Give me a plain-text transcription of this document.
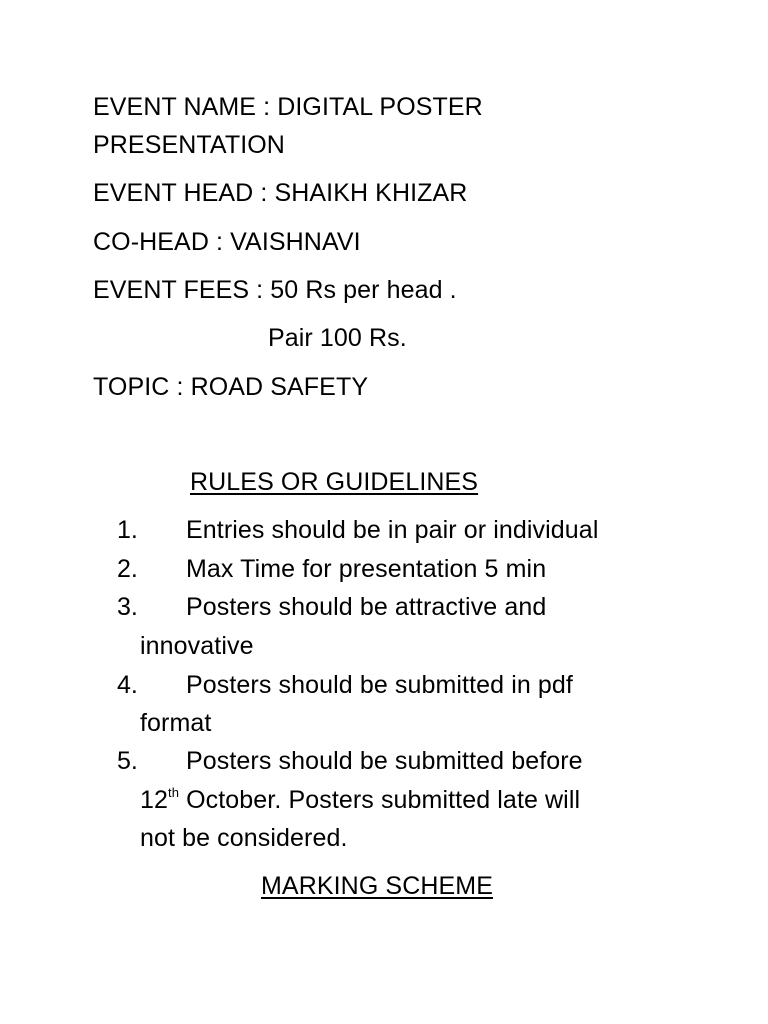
EVENT NAME : DIGITAL POSTER
PRESENTATION
EVENT HEAD : SHAIKH KHIZAR
CO-HEAD : VAISHNAVI
EVENT FEES : 50 Rs per head .
Pair 100 Rs.
TOPIC : ROAD SAFETY
RULES OR GUIDELINES
1. Entries should be in pair or individual
2. Max Time for presentation 5 min
3. Posters should be attractive and
innovative
4. Posters should be submitted in pdf
format
5. Posters should be submitted before
12th October. Posters submitted late will
not be considered.
MARKING SCHEME
